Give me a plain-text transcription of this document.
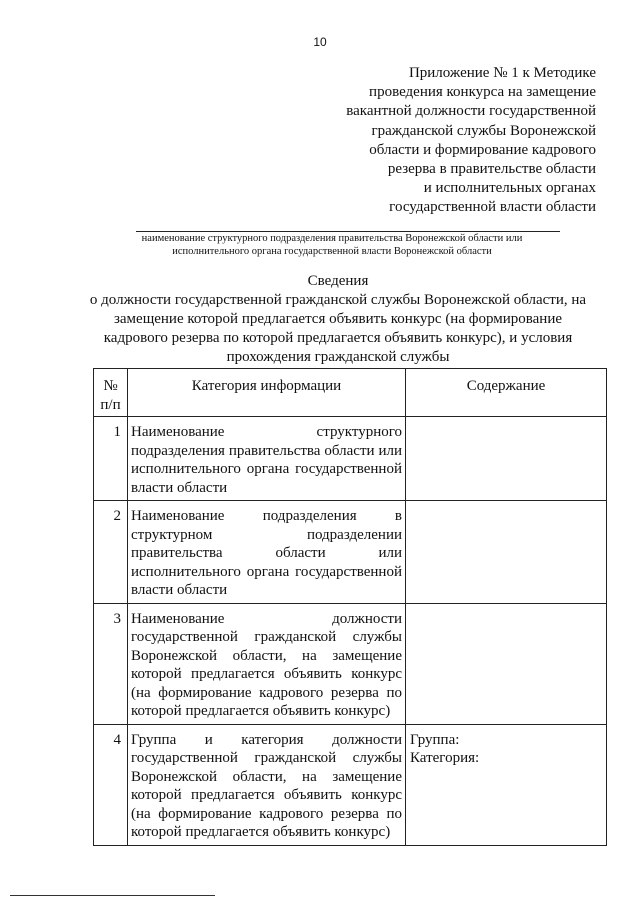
10
Приложение № 1 к Методике
проведения конкурса на замещение
вакантной должности государственной
гражданской службы Воронежской
области и формирование кадрового
резерва в правительстве области
и исполнительных органах
государственной власти области
наименование структурного подразделения правительства Воронежской области или
исполнительного органа государственной власти Воронежской области
Сведения
о должности государственной гражданской службы Воронежской области, на
замещение которой предлагается объявить конкурс (на формирование
кадрового резерва по которой предлагается объявить конкурс), и условия
прохождения гражданской службы
№
п/п	Категория информации	Содержание
1	Наименование структурного подразделения правительства области или исполнительного органа государственной власти области	
2	Наименование подразделения в структурном подразделении правительства области или исполнительного органа государственной власти области	
3	Наименование должности государственной гражданской службы Воронежской области, на замещение которой предлагается объявить конкурс (на формирование кадрового резерва по которой предлагается объявить конкурс)	
4	Группа и категория должности государственной гражданской службы Воронежской области, на замещение которой предлагается объявить конкурс (на формирование кадрового резерва по которой предлагается объявить конкурс)	Группа:
Категория:
